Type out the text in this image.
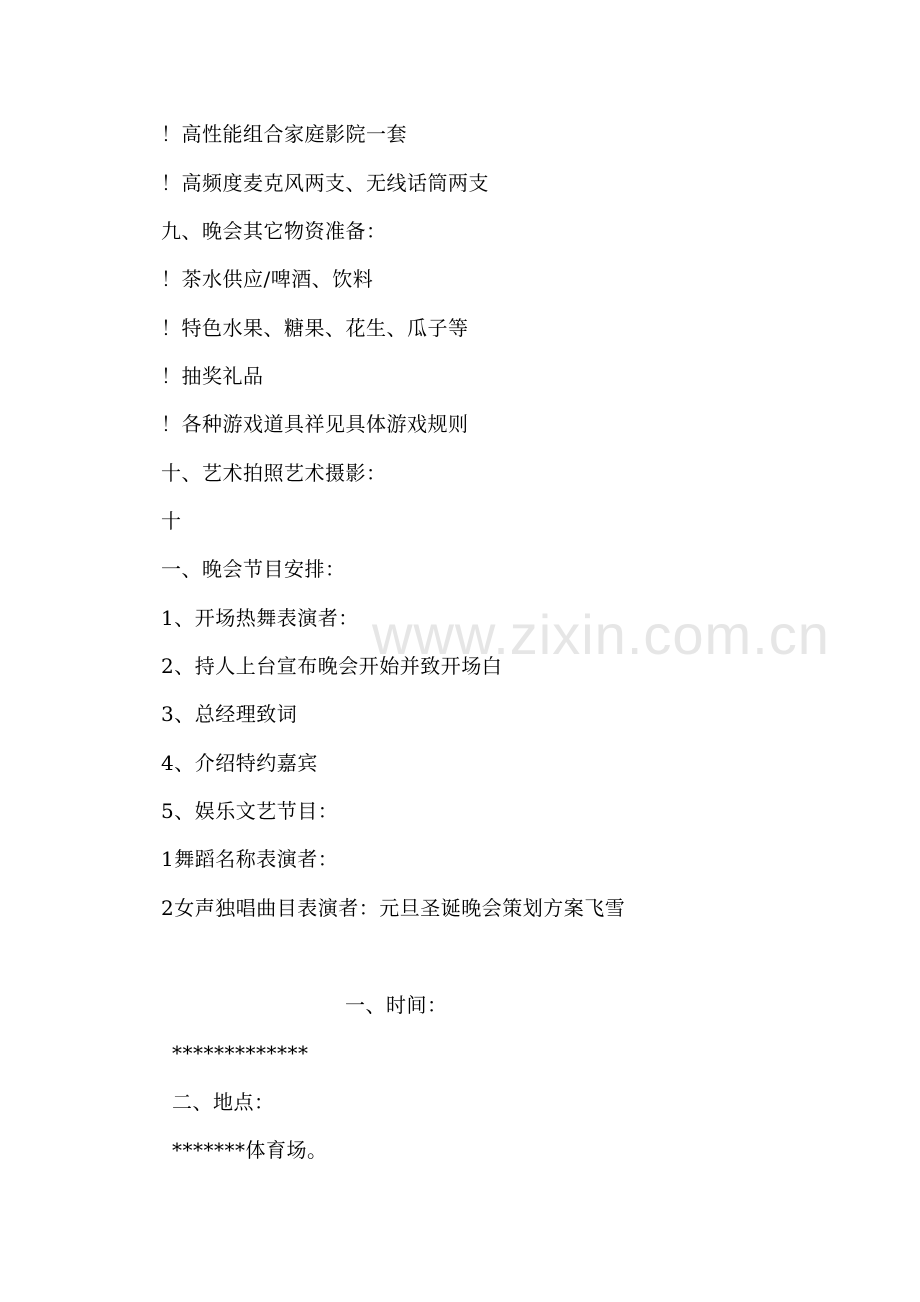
www.zixin.com.cn
！高性能组合家庭影院一套
！高频度麦克风两支、无线话筒两支
九、晚会其它物资准备：
！茶水供应/啤酒、饮料
！特色水果、糖果、花生、瓜子等
！抽奖礼品
！各种游戏道具祥见具体游戏规则
十、艺术拍照艺术摄影：
十
一、晚会节目安排：
1、开场热舞表演者：
2、持人上台宣布晚会开始并致开场白
3、总经理致词
4、介绍特约嘉宾
5、娱乐文艺节目：
1舞蹈名称表演者：
2女声独唱曲目表演者：元旦圣诞晚会策划方案飞雪
一、时间：
*************
二、地点：
*******体育场。
